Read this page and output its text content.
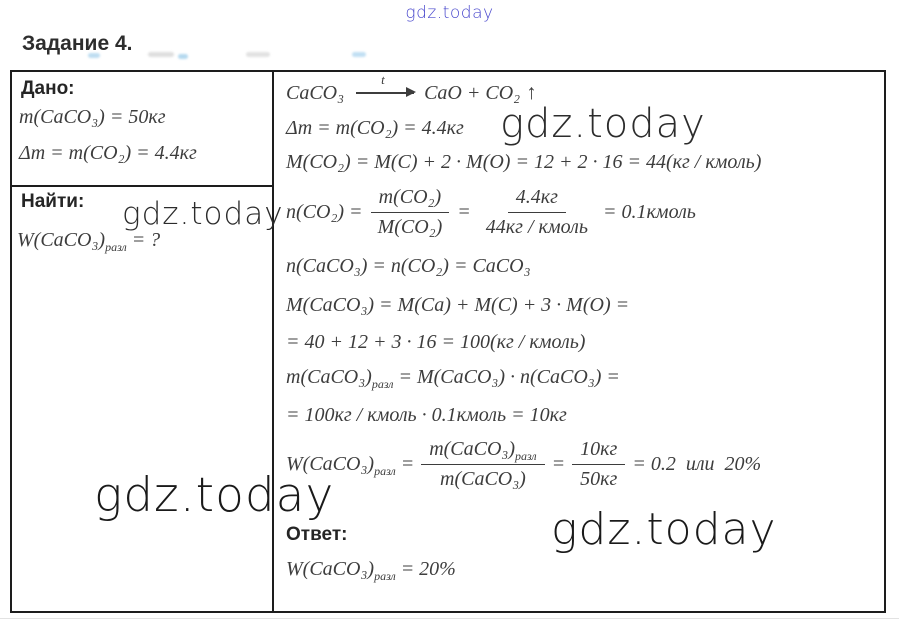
gdz.today
Задание 4.
Дано:
m(CaCO₃) = 50кг
Δm = m(CO₂) = 4.4кг
Найти:
$W(CaCO_3)_{разл}$ = ?
CaCO₃
t
CaO + CO₂ ↑
Δm = m(CO₂) = 4.4кг
M(CO₂) = M(C) + 2 · M(O) = 12 + 2 · 16 = 44(кг / кмоль)
$n(CO_2) = \frac{\text{m(CO₂)}}{\text{M(CO₂)}} = \frac{4.4кг}{\text{44кг / кмоль}}$ = 0.1кмоль
n(CaCO₃) = n(CO₂) = CaCO₃
M(CaCO₃) = M(Ca) + M(C) + 3 · M(O) =
= 40 + 12 + 3 · 16 = 100(кг / кмоль)
$m(CaCO_3)_{разл}$ = M(CaCO₃) · n(CaCO₃) =
= 100кг / кмоль · 0.1кмоль = 10кг
$W(CaCO_3)_{разл} = \frac{m(CaCO_3)_{разл}}{\text{m(CaCO₃)}} = \frac{10кг}{50кг} = 0.2$  или  20%
Ответ:
$W(CaCO_3)_{разл} = 20\%$
gdz.today
gdz.today
gdz.today
gdz.today
